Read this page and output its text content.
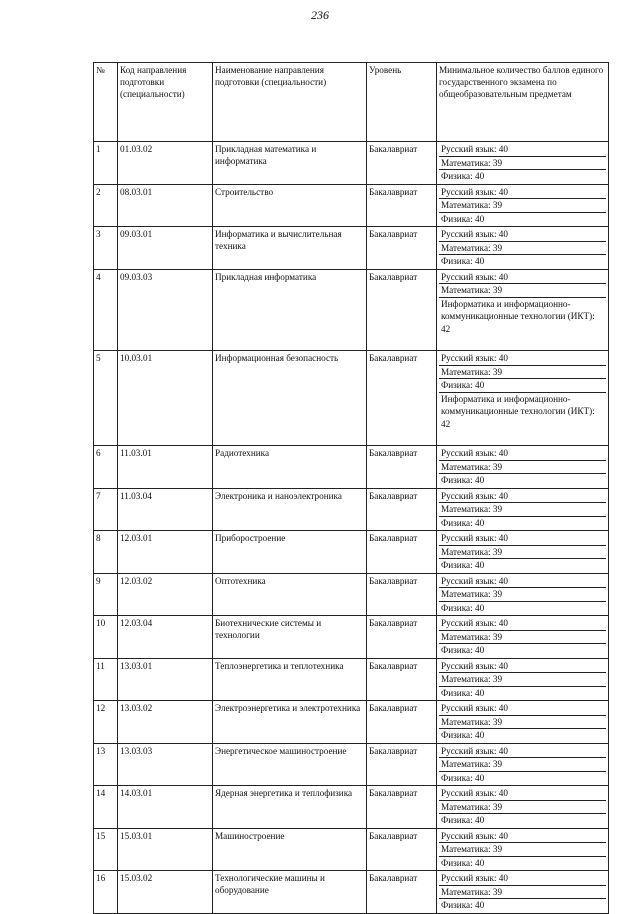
236
№	Код направления подготовки (специальности)	Наименование направления подготовки (специальности)	Уровень	Минимальное количество баллов единого государственного экзамена по общеобразовательным предметам
1	01.03.02	Прикладная математика и информатика	Бакалавриат	Русский язык: 40
Математика: 39
Физика: 40

2	08.03.01	Строительство	Бакалавриат	Русский язык: 40
Математика: 39
Физика: 40

3	09.03.01	Информатика и вычислительная техника	Бакалавриат	Русский язык: 40
Математика: 39
Физика: 40

4	09.03.03	Прикладная информатика	Бакалавриат	Русский язык: 40
Математика: 39
Информатика и информационно-коммуникационные технологии (ИКТ): 42

5	10.03.01	Информационная безопасность	Бакалавриат	Русский язык: 40
Математика: 39
Физика: 40
Информатика и информационно-коммуникационные технологии (ИКТ): 42

6	11.03.01	Радиотехника	Бакалавриат	Русский язык: 40
Математика: 39
Физика: 40

7	11.03.04	Электроника и наноэлектроника	Бакалавриат	Русский язык: 40
Математика: 39
Физика: 40

8	12.03.01	Приборостроение	Бакалавриат	Русский язык: 40
Математика: 39
Физика: 40

9	12.03.02	Оптотехника	Бакалавриат	Русский язык: 40
Математика: 39
Физика: 40

10	12.03.04	Биотехнические системы и технологии	Бакалавриат	Русский язык: 40
Математика: 39
Физика: 40

11	13.03.01	Теплоэнергетика и теплотехника	Бакалавриат	Русский язык: 40
Математика: 39
Физика: 40

12	13.03.02	Электроэнергетика и электротехника	Бакалавриат	Русский язык: 40
Математика: 39
Физика: 40

13	13.03.03	Энергетическое машиностроение	Бакалавриат	Русский язык: 40
Математика: 39
Физика: 40

14	14.03.01	Ядерная энергетика и теплофизика	Бакалавриат	Русский язык: 40
Математика: 39
Физика: 40

15	15.03.01	Машиностроение	Бакалавриат	Русский язык: 40
Математика: 39
Физика: 40

16	15.03.02	Технологические машины и оборудование	Бакалавриат	Русский язык: 40
Математика: 39
Физика: 40
